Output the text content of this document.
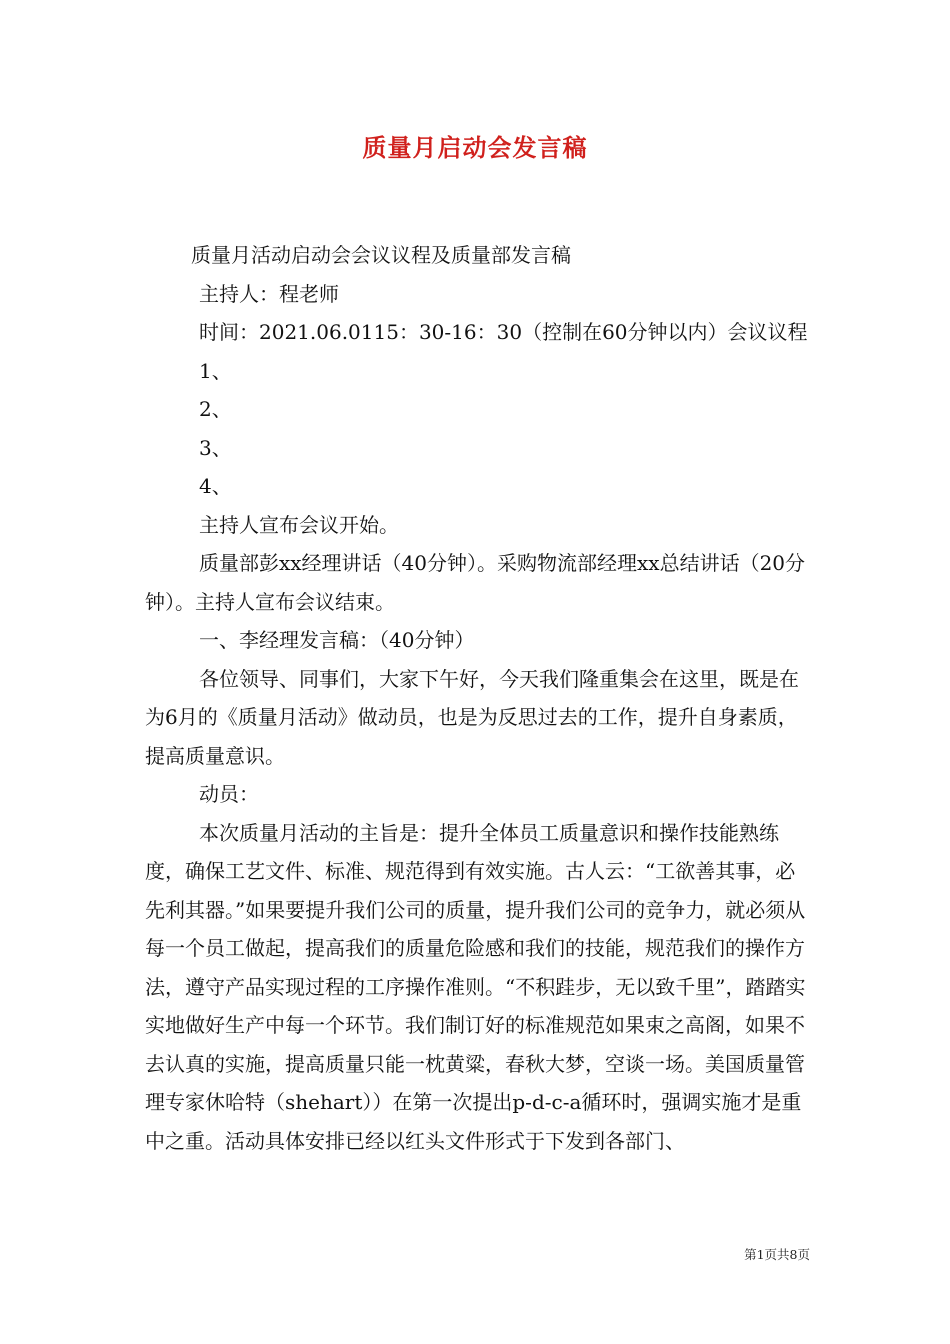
质量月启动会发言稿

质量月活动启动会会议议程及质量部发言稿

主持人：程老师

时间：2021.06.0115：30-16：30（控制在60分钟以内）会议议程

1、

2、

3、

4、

主持人宣布会议开始。

质量部彭xx经理讲话（40分钟）。采购物流部经理xx总结讲话（20分钟）。主持人宣布会议结束。

一、李经理发言稿：（40分钟）

各位领导、同事们，大家下午好，今天我们隆重集会在这里，既是在为6月的《质量月活动》做动员，也是为反思过去的工作，提升自身素质，提高质量意识。

动员：

本次质量月活动的主旨是：提升全体员工质量意识和操作技能熟练度，确保工艺文件、标准、规范得到有效实施。古人云：“工欲善其事，必先利其器。”如果要提升我们公司的质量，提升我们公司的竞争力，就必须从每一个员工做起，提高我们的质量危险感和我们的技能，规范我们的操作方法，遵守产品实现过程的工序操作准则。“不积跬步，无以致千里”，踏踏实实地做好生产中每一个环节。我们制订好的标准规范如果束之高阁，如果不去认真的实施，提高质量只能一枕黄粱，春秋大梦，空谈一场。美国质量管理专家休哈特（shehart））在第一次提出p-d-c-a循环时，强调实施才是重中之重。活动具体安排已经以红头文件形式于下发到各部门、

第1页共8页
